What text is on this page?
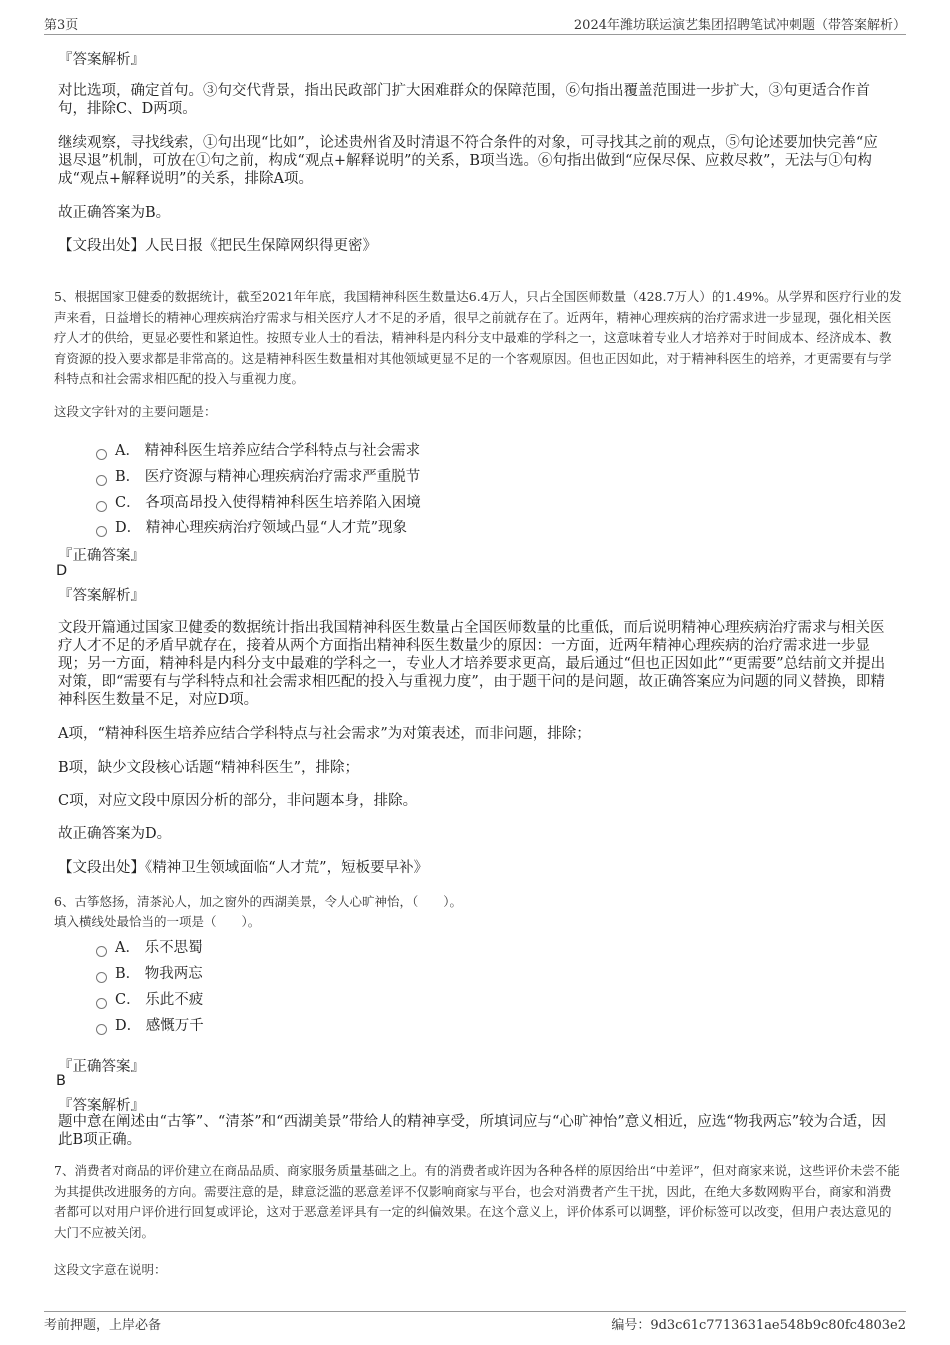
第3页	2024年潍坊联运演艺集团招聘笔试冲刺题（带答案解析）
『答案解析』
对比选项，确定首句。③句交代背景，指出民政部门扩大困难群众的保障范围，⑥句指出覆盖范围进一步扩大，③句更适合作首句，排除C、D两项。
继续观察，寻找线索，①句出现“比如”，论述贵州省及时清退不符合条件的对象，可寻找其之前的观点，⑤句论述要加快完善“应退尽退”机制，可放在①句之前，构成“观点+解释说明”的关系，B项当选。⑥句指出做到“应保尽保、应救尽救”，无法与①句构成“观点+解释说明”的关系，排除A项。
故正确答案为B。
【文段出处】人民日报《把民生保障网织得更密》
5、根据国家卫健委的数据统计，截至2021年年底，我国精神科医生数量达6.4万人，只占全国医师数量（428.7万人）的1.49%。从学界和医疗行业的发声来看，日益增长的精神心理疾病治疗需求与相关医疗人才不足的矛盾，很早之前就存在了。近两年，精神心理疾病的治疗需求进一步显现，强化相关医疗人才的供给，更显必要性和紧迫性。按照专业人士的看法，精神科是内科分支中最难的学科之一，这意味着专业人才培养对于时间成本、经济成本、教育资源的投入要求都是非常高的。这是精神科医生数量相对其他领域更显不足的一个客观原因。但也正因如此，对于精神科医生的培养，才更需要有与学科特点和社会需求相匹配的投入与重视力度。
这段文字针对的主要问题是：
A． 精神科医生培养应结合学科特点与社会需求
B． 医疗资源与精神心理疾病治疗需求严重脱节
C． 各项高昂投入使得精神科医生培养陷入困境
D． 精神心理疾病治疗领域凸显“人才荒”现象
『正确答案』
D
『答案解析』
文段开篇通过国家卫健委的数据统计指出我国精神科医生数量占全国医师数量的比重低，而后说明精神心理疾病治疗需求与相关医疗人才不足的矛盾早就存在，接着从两个方面指出精神科医生数量少的原因：一方面，近两年精神心理疾病的治疗需求进一步显现；另一方面，精神科是内科分支中最难的学科之一，专业人才培养要求更高，最后通过“但也正因如此”“更需要”总结前文并提出对策，即“需要有与学科特点和社会需求相匹配的投入与重视力度”，由于题干问的是问题，故正确答案应为问题的同义替换，即精神科医生数量不足，对应D项。
A项，“精神科医生培养应结合学科特点与社会需求”为对策表述，而非问题，排除；
B项，缺少文段核心话题“精神科医生”，排除；
C项，对应文段中原因分析的部分，非问题本身，排除。
故正确答案为D。
【文段出处】《精神卫生领域面临“人才荒”，短板要早补》
6、古筝悠扬，清茶沁人，加之窗外的西湖美景，令人心旷神怡，（　　）。
填入横线处最恰当的一项是（　　）。
A． 乐不思蜀
B． 物我两忘
C． 乐此不疲
D． 感慨万千
『正确答案』
B
『答案解析』
题中意在阐述由“古筝”、“清茶”和“西湖美景”带给人的精神享受，所填词应与“心旷神怡”意义相近，应选“物我两忘”较为合适，因此B项正确。
7、消费者对商品的评价建立在商品品质、商家服务质量基础之上。有的消费者或许因为各种各样的原因给出“中差评”，但对商家来说，这些评价未尝不能为其提供改进服务的方向。需要注意的是，肆意泛滥的恶意差评不仅影响商家与平台，也会对消费者产生干扰，因此，在绝大多数网购平台，商家和消费者都可以对用户评价进行回复或评论，这对于恶意差评具有一定的纠偏效果。在这个意义上，评价体系可以调整，评价标签可以改变，但用户表达意见的大门不应被关闭。
这段文字意在说明：
考前押题，上岸必备	编号：9d3c61c7713631ae548b9c80fc4803e2
